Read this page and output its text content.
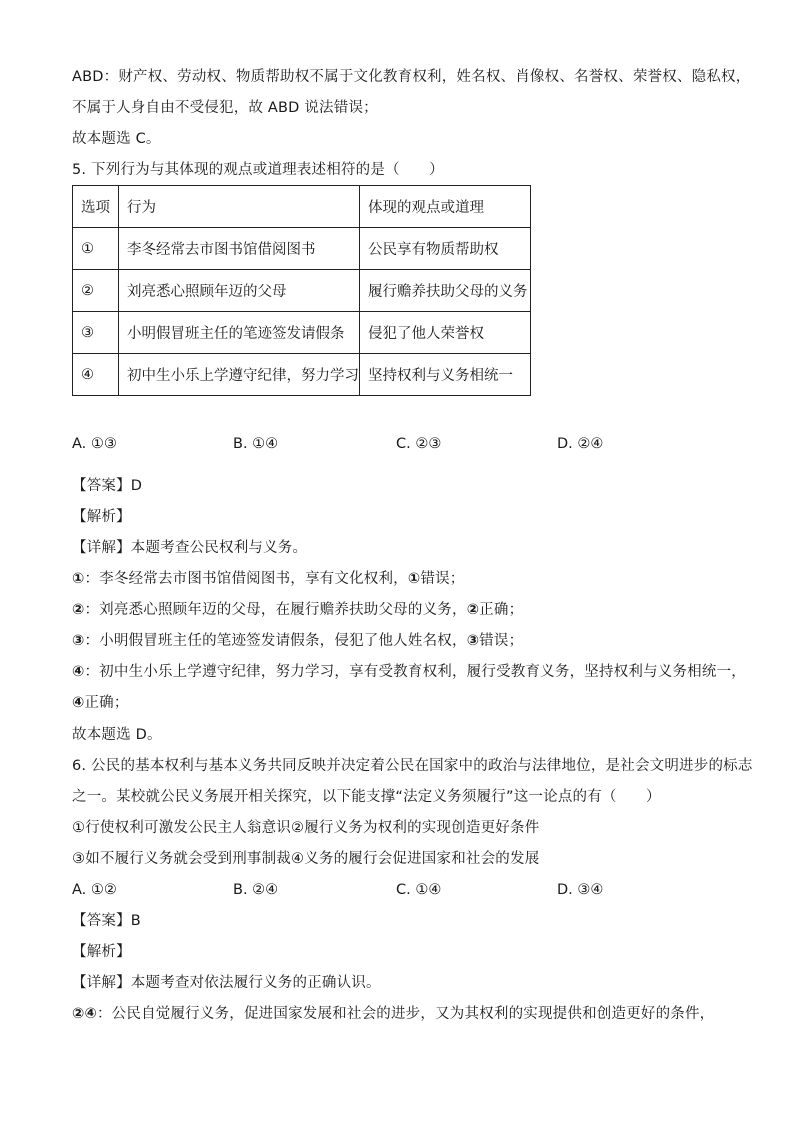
ABD：财产权、劳动权、物质帮助权不属于文化教育权利，姓名权、肖像权、名誉权、荣誉权、隐私权，
不属于人身自由不受侵犯，故 ABD 说法错误；
故本题选 C。
5. 下列行为与其体现的观点或道理表述相符的是（　　）
选项	行为	体现的观点或道理
①	李冬经常去市图书馆借阅图书	公民享有物质帮助权
②	刘亮悉心照顾年迈的父母	履行赡养扶助父母的义务
③	小明假冒班主任的笔迹签发请假条	侵犯了他人荣誉权
④	初中生小乐上学遵守纪律，努力学习	坚持权利与义务相统一
A. ①③	B. ①④	C. ②③	D. ②④
【答案】D
【解析】
【详解】本题考查公民权利与义务。
①：李冬经常去市图书馆借阅图书，享有文化权利，①错误；
②：刘亮悉心照顾年迈的父母，在履行赡养扶助父母的义务，②正确；
③：小明假冒班主任的笔迹签发请假条，侵犯了他人姓名权，③错误；
④：初中生小乐上学遵守纪律，努力学习，享有受教育权利，履行受教育义务，坚持权利与义务相统一，
④正确；
故本题选 D。
6. 公民的基本权利与基本义务共同反映并决定着公民在国家中的政治与法律地位，是社会文明进步的标志
之一。某校就公民义务展开相关探究，以下能支撑“法定义务须履行”这一论点的有（　　）
①行使权利可激发公民主人翁意识②履行义务为权利的实现创造更好条件
③如不履行义务就会受到刑事制裁④义务的履行会促进国家和社会的发展
A. ①②	B. ②④	C. ①④	D. ③④
【答案】B
【解析】
【详解】本题考查对依法履行义务的正确认识。
②④：公民自觉履行义务，促进国家发展和社会的进步，又为其权利的实现提供和创造更好的条件，
